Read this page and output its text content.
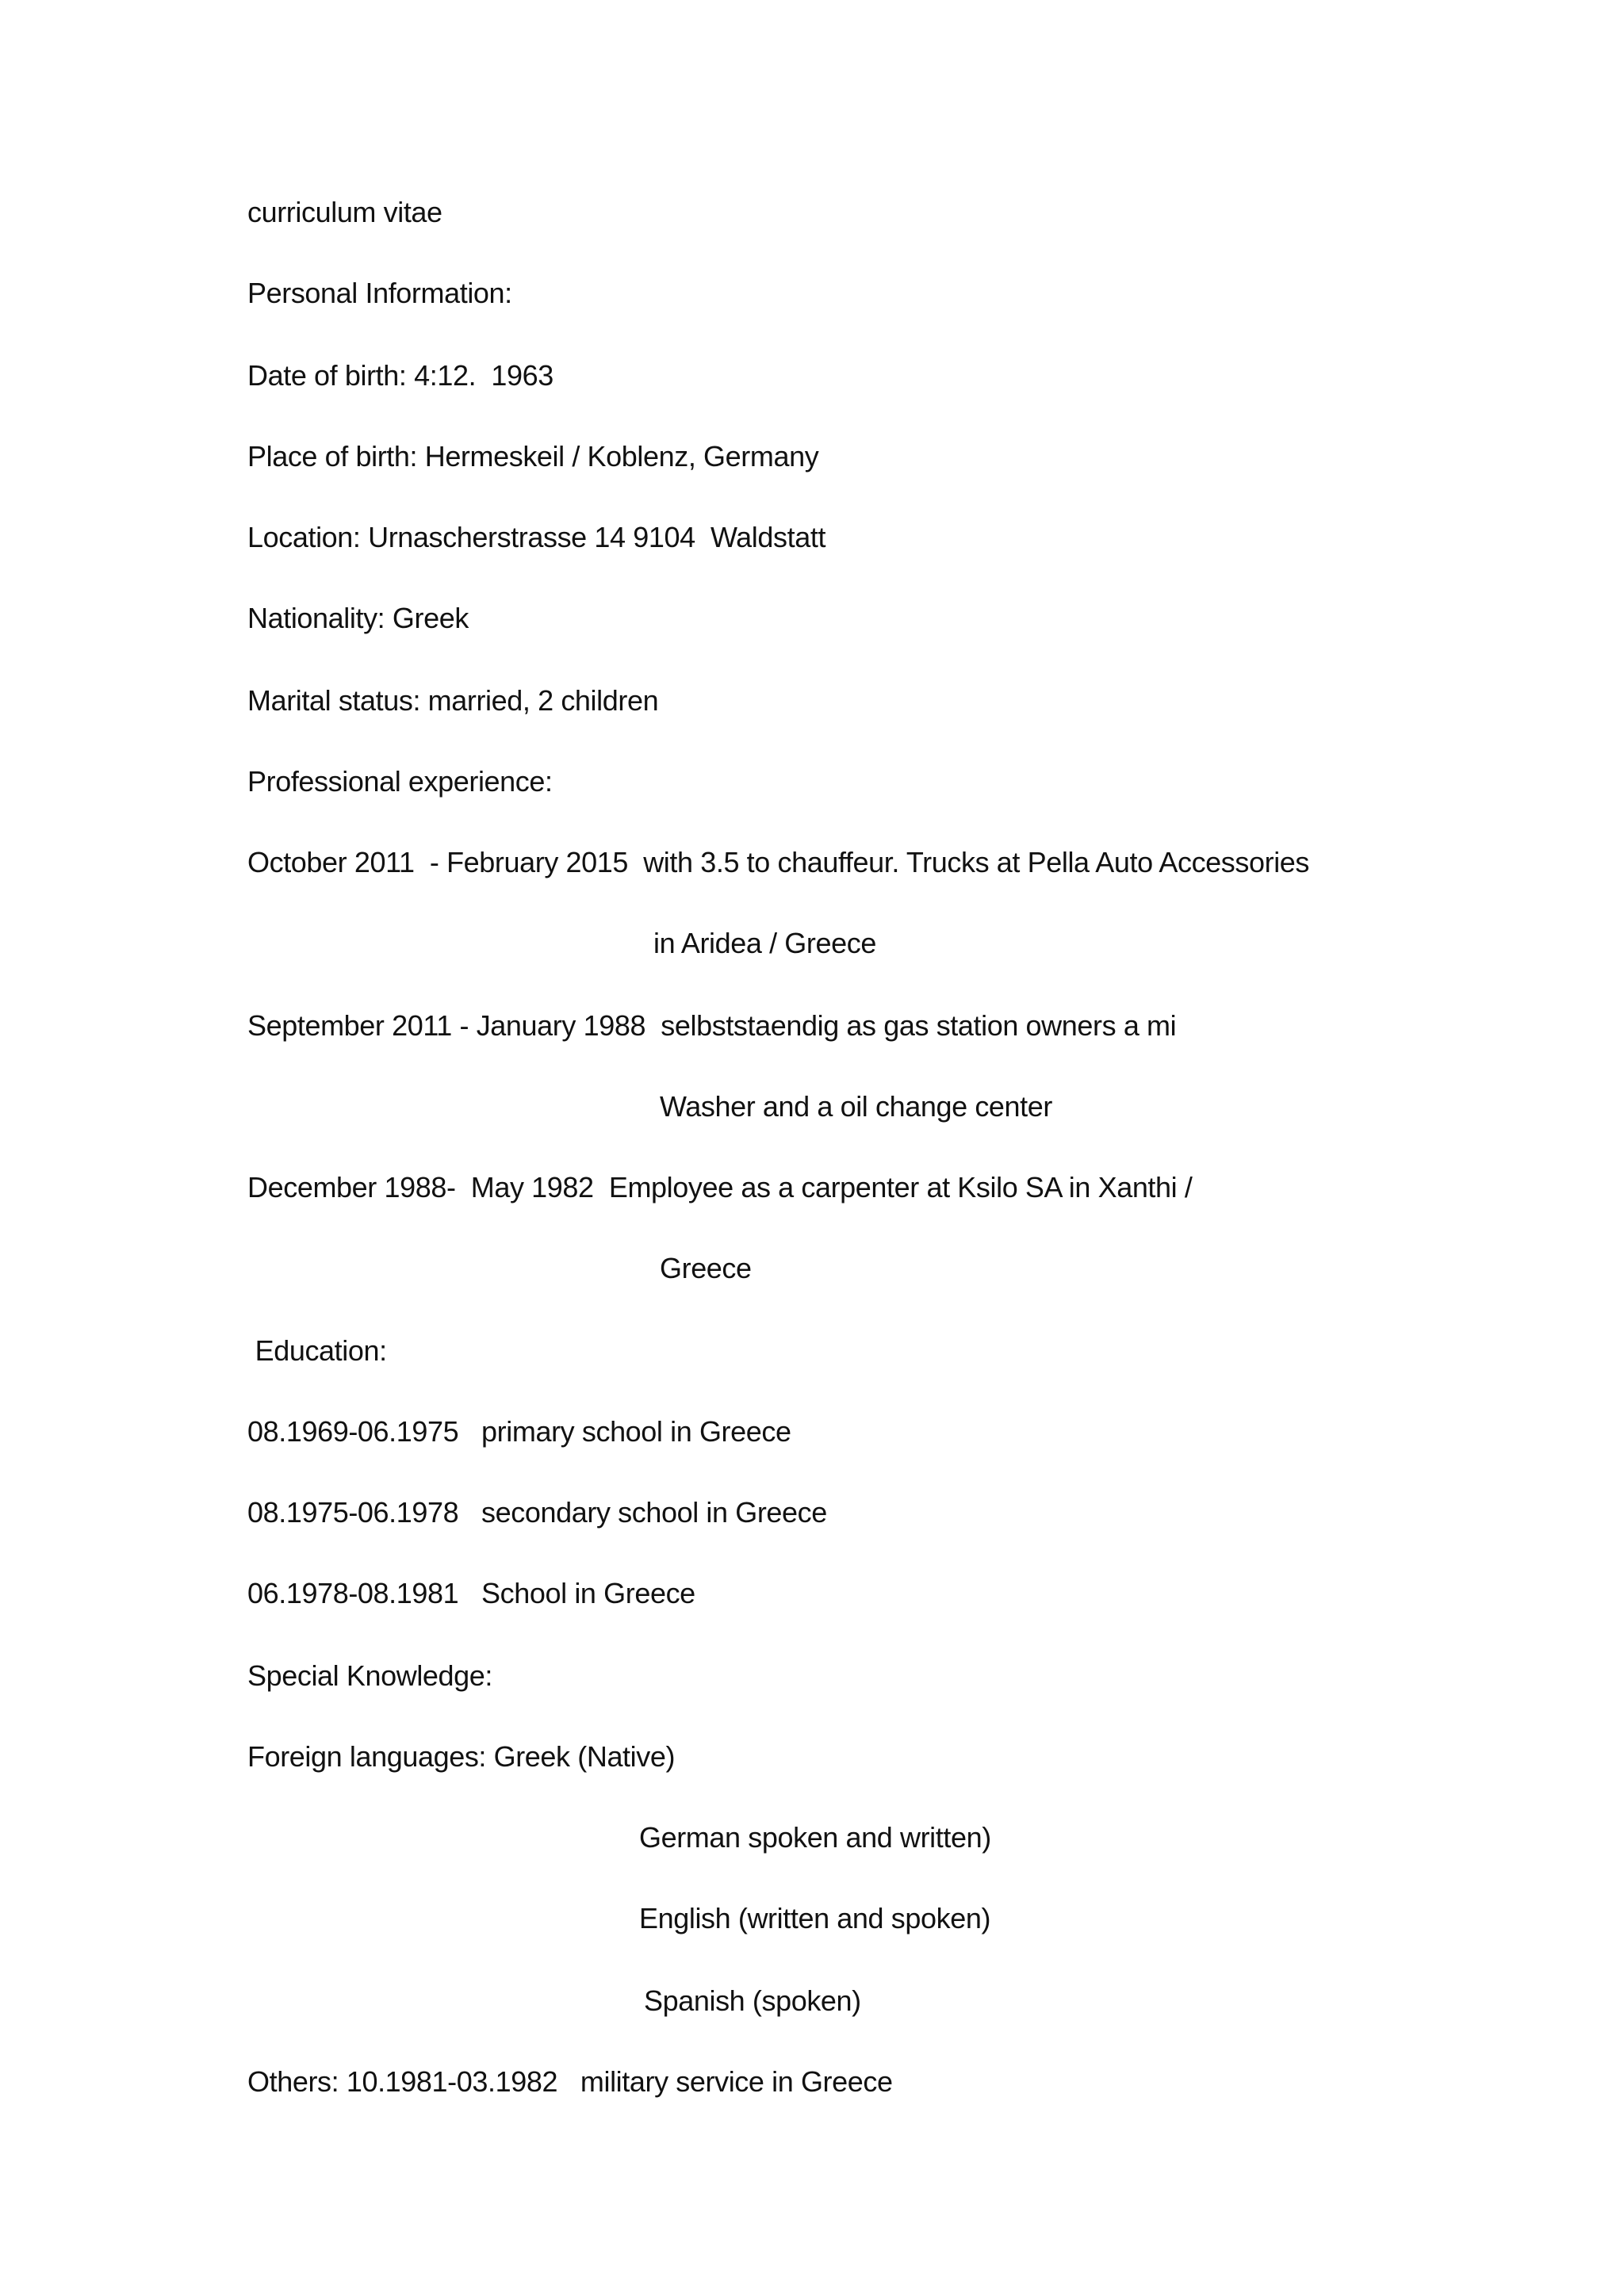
curriculum vitae
Personal Information:
Date of birth: 4:12.  1963
Place of birth: Hermeskeil / Koblenz, Germany
Location: Urnascherstrasse 14 9104  Waldstatt
Nationality: Greek
Marital status: married, 2 children
Professional experience:
October 2011  - February 2015  with 3.5 to chauffeur. Trucks at Pella Auto Accessories
in Aridea / Greece
September 2011 - January 1988  selbststaendig as gas station owners a mi
Washer and a oil change center
December 1988-  May 1982  Employee as a carpenter at Ksilo SA in Xanthi /
Greece
Education:
08.1969-06.1975   primary school in Greece
08.1975-06.1978   secondary school in Greece
06.1978-08.1981   School in Greece
Special Knowledge:
Foreign languages: Greek (Native)
German spoken and written)
English (written and spoken)
Spanish (spoken)
Others: 10.1981-03.1982   military service in Greece
